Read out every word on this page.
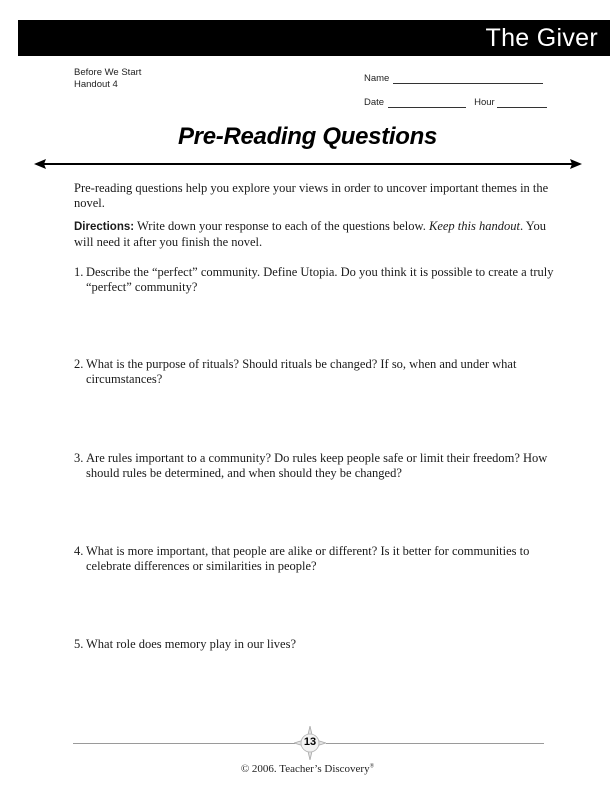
The Giver
Before We Start
Handout 4
Name
Date	Hour
Pre-Reading Questions
Pre-reading questions help you explore your views in order to uncover important themes in the novel.
Directions: Write down your response to each of the questions below. Keep this handout. You will need it after you finish the novel.
1. Describe the “perfect” community. Define Utopia. Do you think it is possible to create a truly “perfect” community?
2. What is the purpose of rituals? Should rituals be changed? If so, when and under what circumstances?
3. Are rules important to a community? Do rules keep people safe or limit their freedom? How should rules be determined, and when should they be changed?
4. What is more important, that people are alike or different? Is it better for communities to celebrate differences or similarities in people?
5. What role does memory play in our lives?
13
© 2006. Teacher’s Discovery®
